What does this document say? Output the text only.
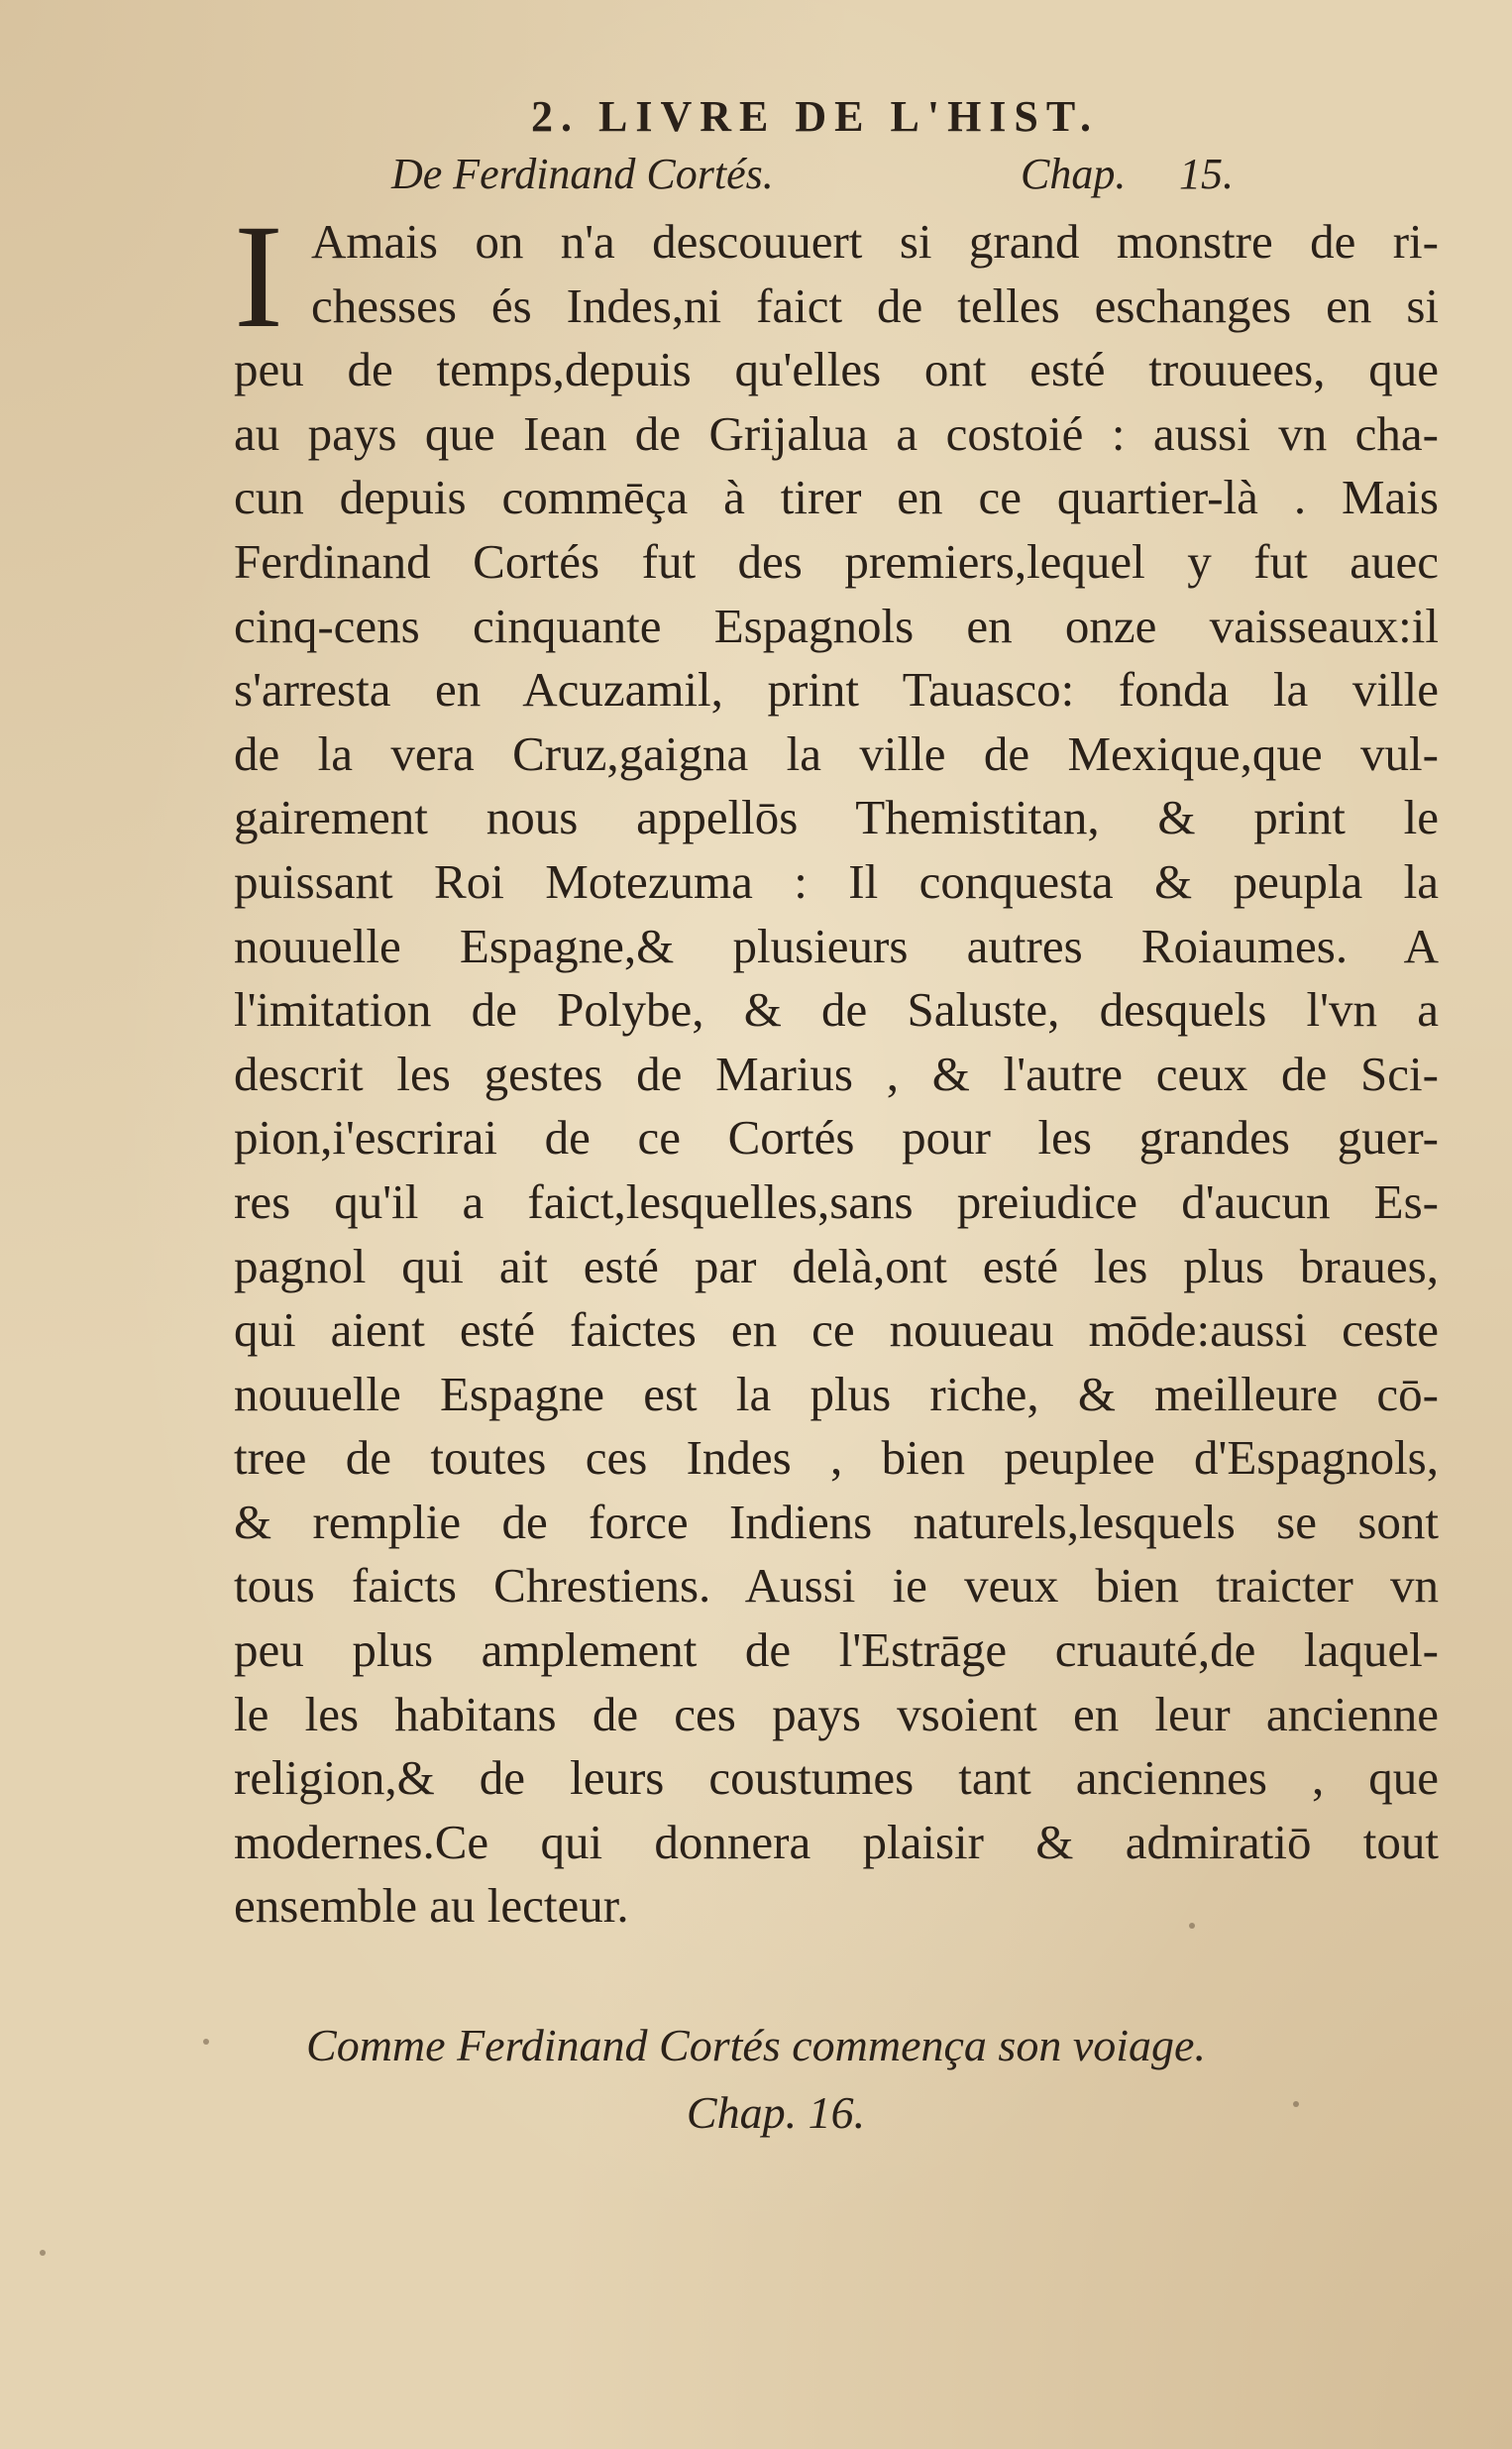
2. LIVRE DE L'HIST.
De Ferdinand Cortés.	Chap. 15.
I Amais on n'a descouuert si grand monstre de ri-
chesses és Indes,ni faict de telles eschanges en si
peu de temps,depuis qu'elles ont esté trouuees, que
au pays que Iean de Grijalua a costoié : aussi vn cha-
cun depuis commēça à tirer en ce quartier-là . Mais
Ferdinand Cortés fut des premiers,lequel y fut auec
cinq-cens cinquante Espagnols en onze vaisseaux:il
s'arresta en Acuzamil, print Tauasco: fonda la ville
de la vera Cruz,gaigna la ville de Mexique,que vul-
gairement nous appellōs Themistitan, & print le
puissant Roi Motezuma : Il conquesta & peupla la
nouuelle Espagne,& plusieurs autres Roiaumes. A
l'imitation de Polybe, & de Saluste, desquels l'vn a
descrit les gestes de Marius , & l'autre ceux de Sci-
pion,i'escrirai de ce Cortés pour les grandes guer-
res qu'il a faict,lesquelles,sans preiudice d'aucun Es-
pagnol qui ait esté par delà,ont esté les plus braues,
qui aient esté faictes en ce nouueau mōde:aussi ceste
nouuelle Espagne est la plus riche, & meilleure cō-
tree de toutes ces Indes , bien peuplee d'Espagnols,
& remplie de force Indiens naturels,lesquels se sont
tous faicts Chrestiens. Aussi ie veux bien traicter vn
peu plus amplement de l'Estrāge cruauté,de laquel-
le les habitans de ces pays vsoient en leur ancienne
religion,& de leurs coustumes tant anciennes , que
modernes.Ce qui donnera plaisir & admiratiō tout
ensemble au lecteur.
Comme Ferdinand Cortés commença son voiage.
Chap. 16.
